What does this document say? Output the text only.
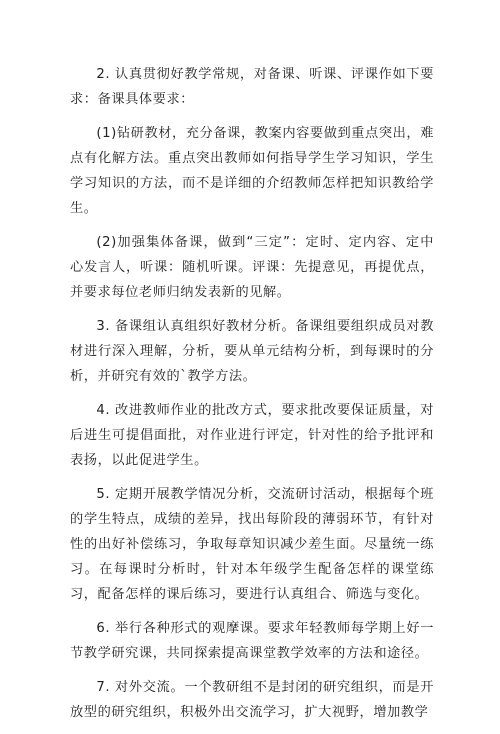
2. 认真贯彻好教学常规，对备课、听课、评课作如下要求：备课具体要求：

(1)钻研教材，充分备课，教案内容要做到重点突出，难点有化解方法。重点突出教师如何指导学生学习知识，学生学习知识的方法，而不是详细的介绍教师怎样把知识教给学生。

(2)加强集体备课，做到“三定”：定时、定内容、定中心发言人，听课：随机听课。评课：先提意见，再提优点，并要求每位老师归纳发表新的见解。

3. 备课组认真组织好教材分析。备课组要组织成员对教材进行深入理解，分析，要从单元结构分析，到每课时的分析，并研究有效的`教学方法。

4. 改进教师作业的批改方式，要求批改要保证质量，对后进生可提倡面批，对作业进行评定，针对性的给予批评和表扬，以此促进学生。

5. 定期开展教学情况分析，交流研讨活动，根据每个班的学生特点，成绩的差异，找出每阶段的薄弱环节，有针对性的出好补偿练习，争取每章知识减少差生面。尽量统一练习。在每课时分析时，针对本年级学生配备怎样的课堂练习，配备怎样的课后练习，要进行认真组合、筛选与变化。

6. 举行各种形式的观摩课。要求年轻教师每学期上好一节教学研究课，共同探索提高课堂教学效率的方法和途径。

7. 对外交流。一个教研组不是封闭的研究组织，而是开放型的研究组织，积极外出交流学习，扩大视野，增加教学
